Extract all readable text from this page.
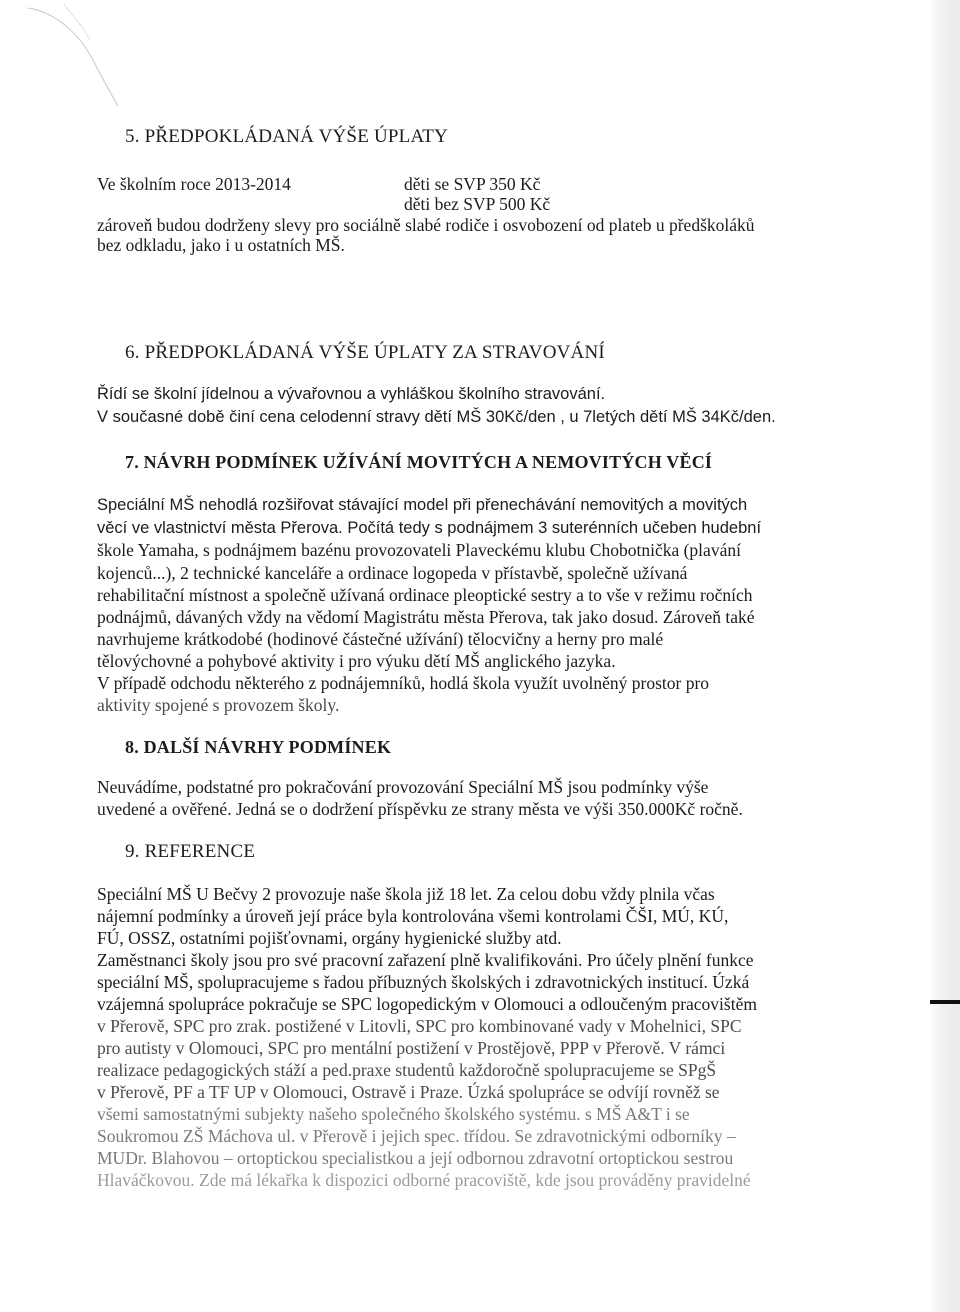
5. PŘEDPOKLÁDANÁ VÝŠE ÚPLATY
Ve školním roce 2013-2014	děti se SVP 350 Kč
děti bez SVP 500 Kč
zároveň budou dodrženy slevy pro sociálně slabé rodiče i osvobození od plateb u předškoláků
bez odkladu, jako i u ostatních MŠ.
6. PŘEDPOKLÁDANÁ VÝŠE ÚPLATY ZA STRAVOVÁNÍ
Řídí se školní jídelnou a vývařovnou a vyhláškou školního stravování.
V současné době činí cena celodenní stravy dětí MŠ 30Kč/den , u 7letých dětí MŠ 34Kč/den.
7. NÁVRH PODMÍNEK UŽÍVÁNÍ MOVITÝCH A NEMOVITÝCH VĚCÍ
Speciální MŠ nehodlá rozšiřovat stávající model při přenechávání nemovitých a movitých
věcí ve vlastnictví města Přerova. Počítá tedy s podnájmem 3 suterénních učeben hudební
škole Yamaha, s podnájmem bazénu provozovateli Plaveckému klubu Chobotnička (plavání
kojenců...), 2 technické kanceláře a ordinace logopeda v přístavbě, společně užívaná
rehabilitační místnost a společně užívaná ordinace pleoptické sestry a to vše v režimu ročních
podnájmů, dávaných vždy na vědomí Magistrátu města Přerova, tak jako dosud. Zároveň také
navrhujeme krátkodobé (hodinové částečné užívání) tělocvičny a herny pro malé
tělovýchovné a pohybové aktivity i pro výuku dětí MŠ anglického jazyka.
V případě odchodu některého z podnájemníků, hodlá škola využít uvolněný prostor pro
aktivity spojené s provozem školy.
8. DALŠÍ NÁVRHY PODMÍNEK
Neuvádíme, podstatné pro pokračování provozování Speciální MŠ jsou podmínky výše
uvedené a ověřené. Jedná se o dodržení příspěvku ze strany města ve výši 350.000Kč ročně.
9. REFERENCE
Speciální MŠ U Bečvy 2 provozuje naše škola již 18 let. Za celou dobu vždy plnila včas
nájemní podmínky a úroveň její práce byla kontrolována všemi kontrolami ČŠI, MÚ, KÚ,
FÚ, OSSZ, ostatními pojišťovnami, orgány hygienické služby atd.
Zaměstnanci školy jsou pro své pracovní zařazení plně kvalifikováni. Pro účely plnění funkce
speciální MŠ, spolupracujeme s řadou příbuzných školských i zdravotnických institucí. Úzká
vzájemná spolupráce pokračuje se SPC logopedickým v Olomouci a odloučeným pracovištěm
v Přerově, SPC pro zrak. postižené v Litovli, SPC pro kombinované vady v Mohelnici, SPC
pro autisty v Olomouci, SPC pro mentální postižení v Prostějově, PPP v Přerově. V rámci
realizace pedagogických stáží a ped.praxe studentů každoročně spolupracujeme se SPgŠ
v Přerově, PF a TF UP v Olomouci, Ostravě i Praze. Úzká spolupráce se odvíjí rovněž se
všemi samostatnými subjekty našeho společného školského systému. s MŠ A&T i se
Soukromou ZŠ Máchova ul. v Přerově i jejich spec. třídou. Se zdravotnickými odborníky –
MUDr. Blahovou – ortoptickou specialistkou a její odbornou zdravotní ortoptickou sestrou
Hlaváčkovou. Zde má lékařka k dispozici odborné pracoviště, kde jsou prováděny pravidelné
